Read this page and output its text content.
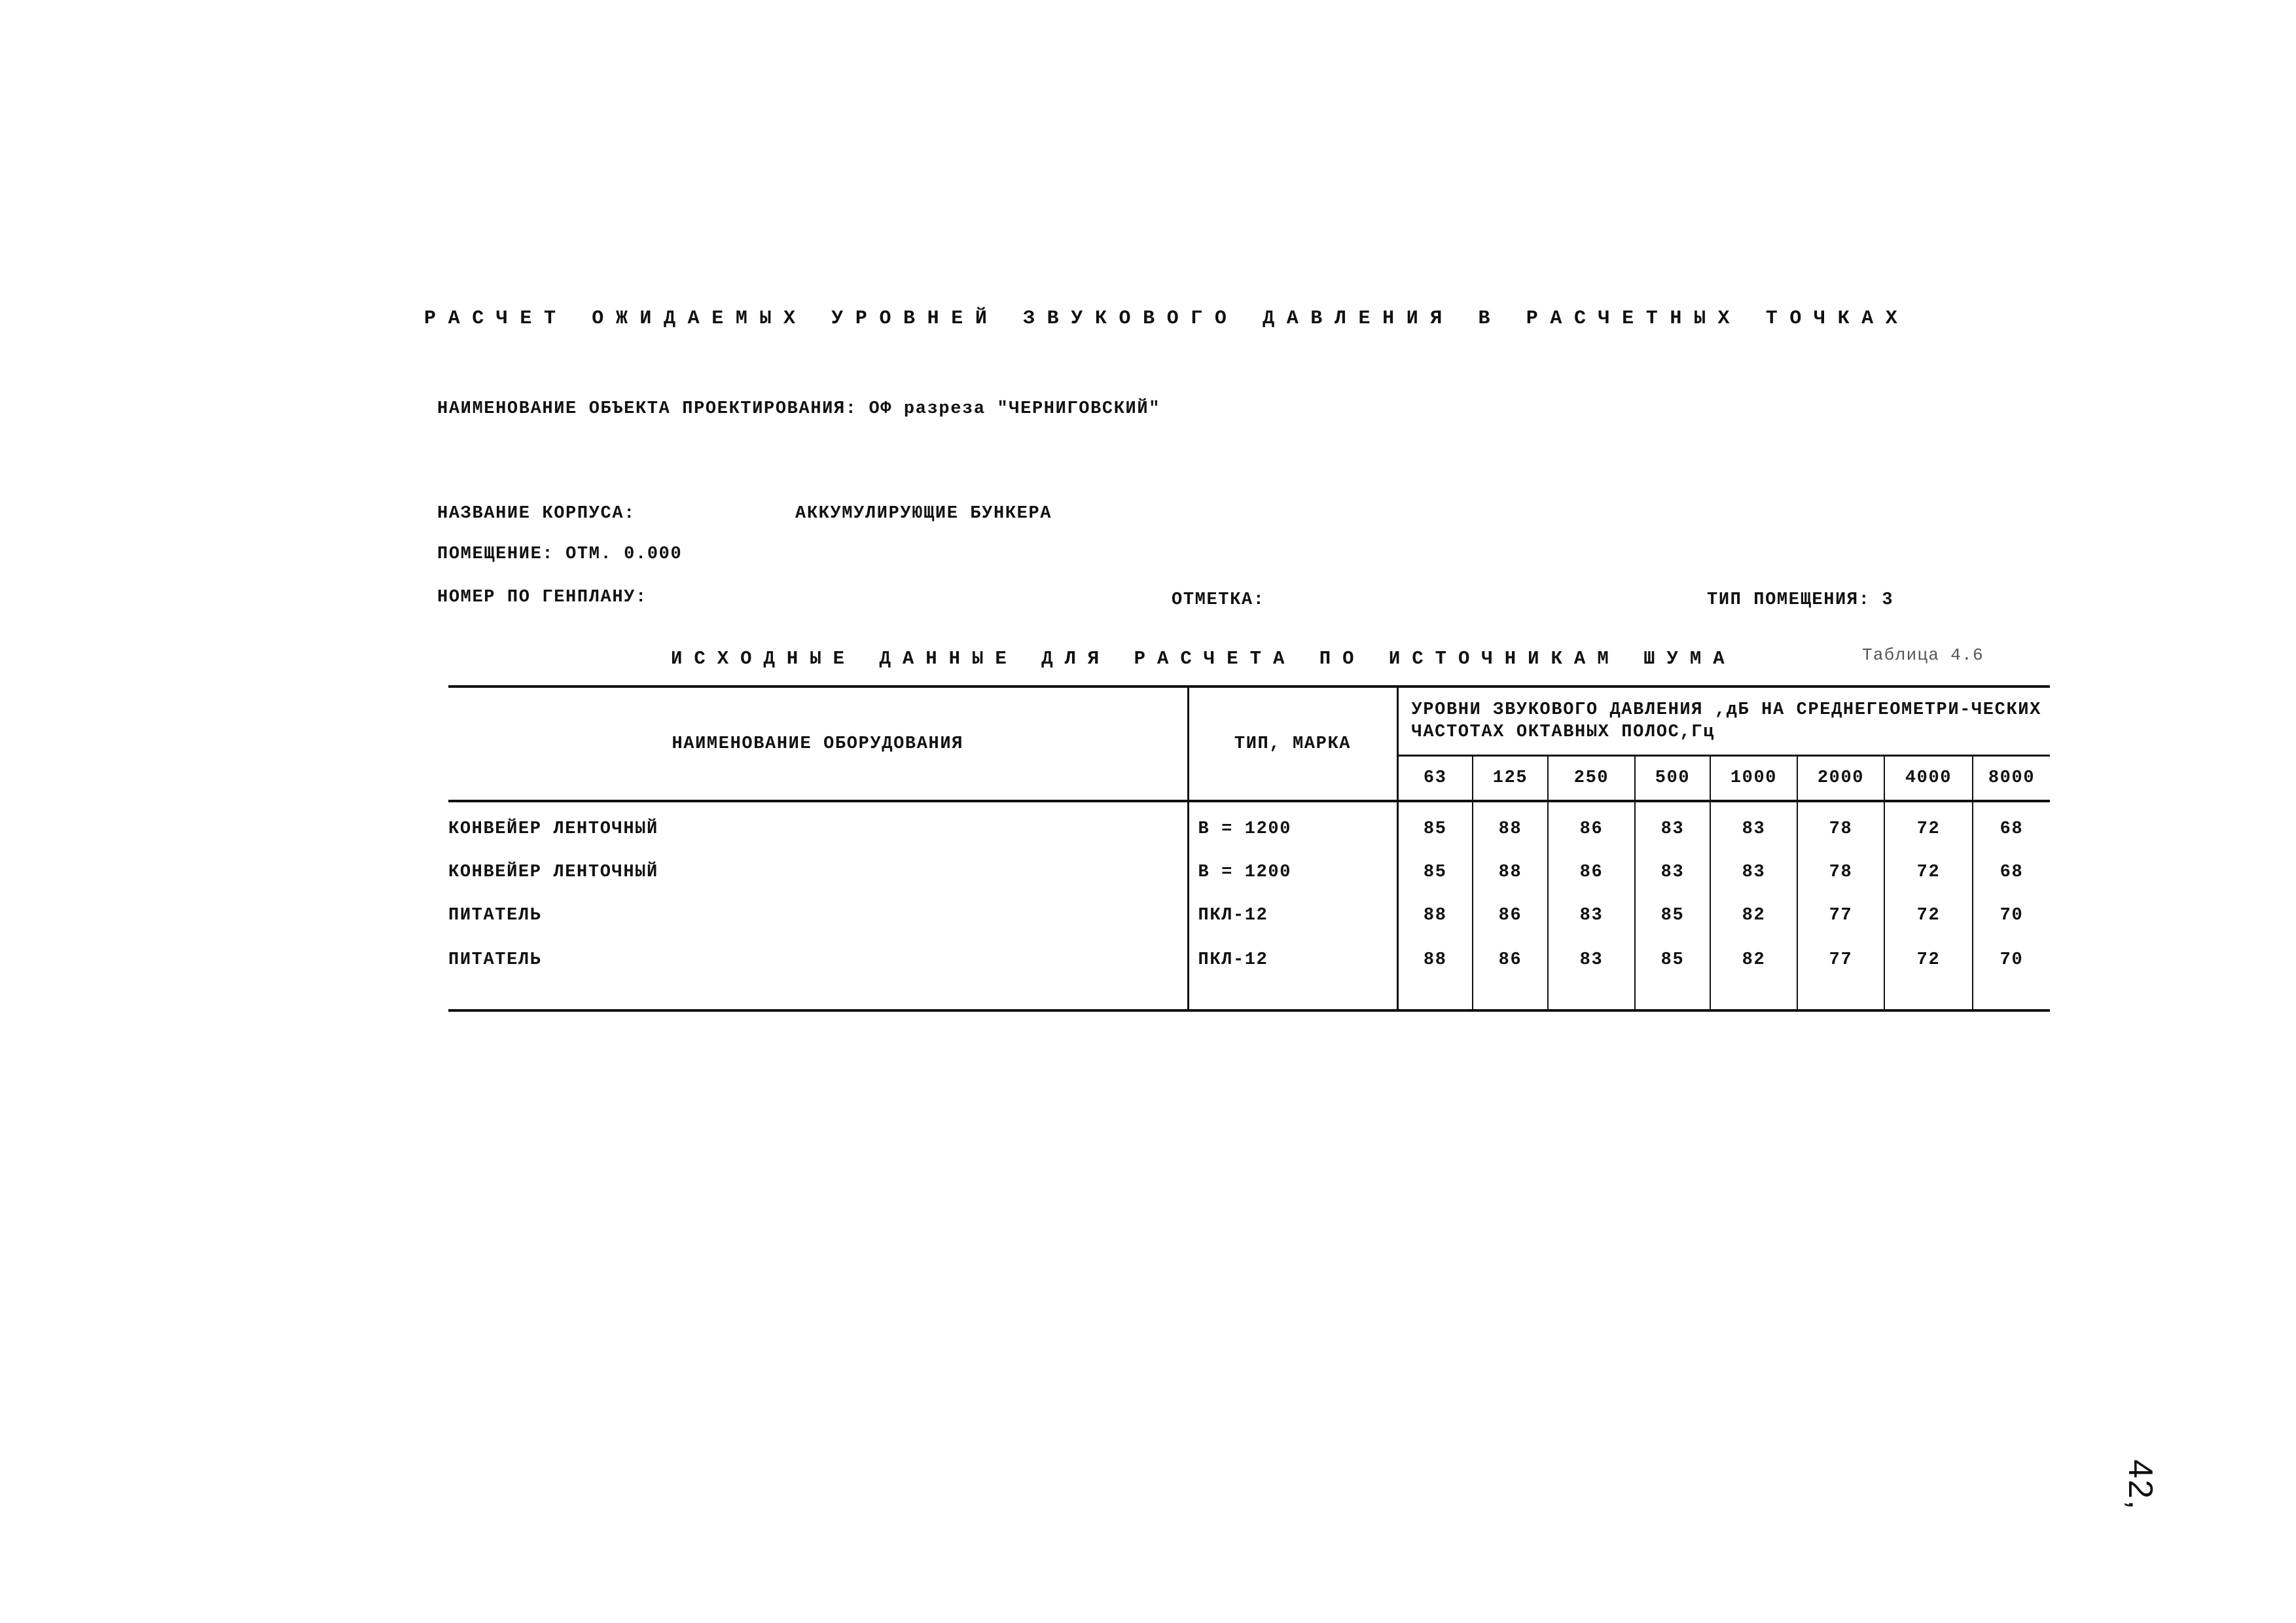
РАСЧЕТ ОЖИДАЕМЫХ УРОВНЕЙ ЗВУКОВОГО ДАВЛЕНИЯ В РАСЧЕТНЫХ ТОЧКАХ
НАИМЕНОВАНИЕ ОБЪЕКТА ПРОЕКТИРОВАНИЯ: ОФ разреза "ЧЕРНИГОВСКИЙ"
НАЗВАНИЕ КОРПУСА:	АККУМУЛИРУЮЩИЕ БУНКЕРА
ПОМЕЩЕНИЕ: ОТМ. 0.000
НОМЕР ПО ГЕНПЛАНУ:	ОТМЕТКА:	ТИП ПОМЕЩЕНИЯ: 3
ИСХОДНЫЕ ДАННЫЕ ДЛЯ РАСЧЕТА ПО ИСТОЧНИКАМ ШУМА	Таблица 4.6
НАИМЕНОВАНИЕ ОБОРУДОВАНИЯ	ТИП, МАРКА	УРОВНИ ЗВУКОВОГО ДАВЛЕНИЯ ,дБ НА СРЕДНЕГЕОМЕТРИ-ЧЕСКИХ ЧАСТОТАХ ОКТАВНЫХ ПОЛОС,Гц							
		63	125	250	500	1000	2000	4000	8000
КОНВЕЙЕР ЛЕНТОЧНЫЙ	В = 1200	85	88	86	83	83	78	72	68
КОНВЕЙЕР ЛЕНТОЧНЫЙ	В = 1200	85	88	86	83	83	78	72	68
ПИТАТЕЛЬ	ПКЛ-12	88	86	83	85	82	77	72	70
ПИТАТЕЛЬ	ПКЛ-12	88	86	83	85	82	77	72	70
42,
